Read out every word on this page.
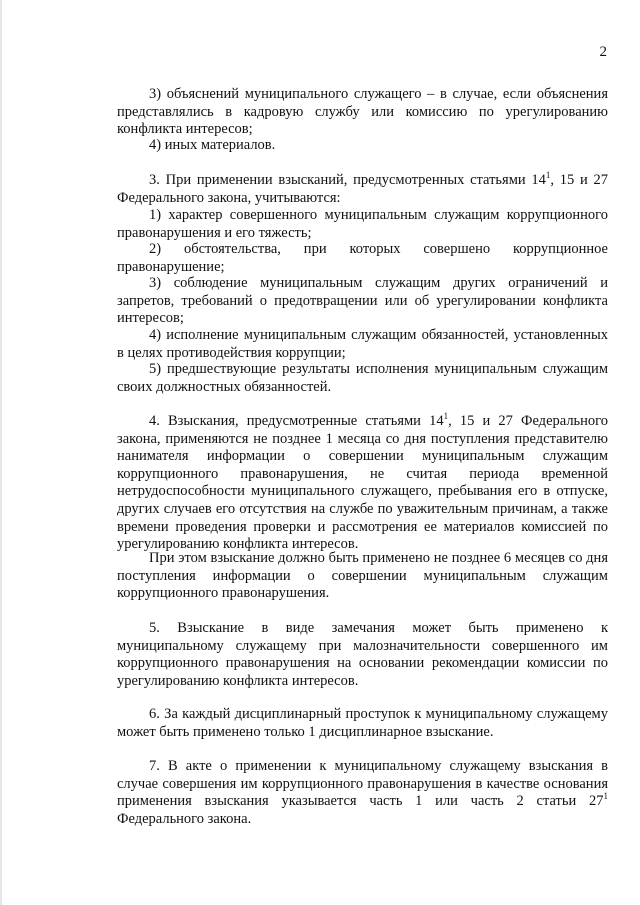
2

3) объяснений муниципального служащего – в случае, если объяснения представлялись в кадровую службу или комиссию по урегулированию конфликта интересов;

4) иных материалов.

3. При применении взысканий, предусмотренных статьями $14^1$, 15 и 27 Федерального закона, учитываются:

1) характер совершенного муниципальным служащим коррупционного правонарушения и его тяжесть;

2) обстоятельства, при которых совершено коррупционное правонарушение;

3) соблюдение муниципальным служащим других ограничений и запретов, требований о предотвращении или об урегулировании конфликта интересов;

4) исполнение муниципальным служащим обязанностей, установленных в целях противодействия коррупции;

5) предшествующие результаты исполнения муниципальным служащим своих должностных обязанностей.

4. Взыскания, предусмотренные статьями $14^1$, 15 и 27 Федерального закона, применяются не позднее 1 месяца со дня поступления представителю нанимателя информации о совершении муниципальным служащим коррупционного правонарушения, не считая периода временной нетрудоспособности муниципального служащего, пребывания его в отпуске, других случаев его отсутствия на службе по уважительным причинам, а также времени проведения проверки и рассмотрения ее материалов комиссией по урегулированию конфликта интересов.

При этом взыскание должно быть применено не позднее 6 месяцев со дня поступления информации о совершении муниципальным служащим коррупционного правонарушения.

5. Взыскание в виде замечания может быть применено к муниципальному служащему при малозначительности совершенного им коррупционного правонарушения на основании рекомендации комиссии по урегулированию конфликта интересов.

6. За каждый дисциплинарный проступок к муниципальному служащему может быть применено только 1 дисциплинарное взыскание.

7. В акте о применении к муниципальному служащему взыскания в случае совершения им коррупционного правонарушения в качестве основания применения взыскания указывается часть 1 или часть 2 статьи $27^1$ Федерального закона.
